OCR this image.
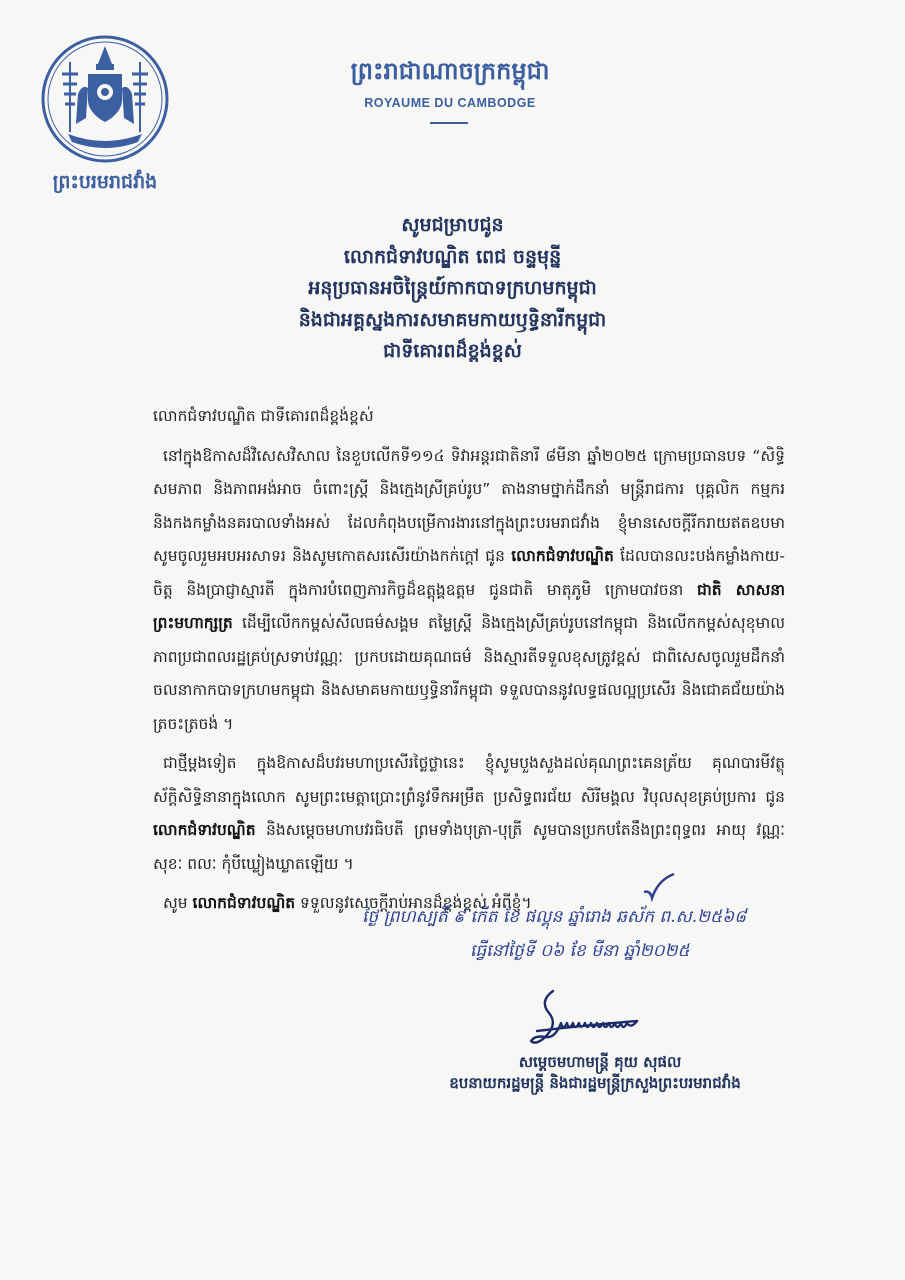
ព្រះបរមរាជវាំង
ព្រះរាជាណាចក្រកម្ពុជា
ROYAUME DU CAMBODGE
សូមជម្រាបជូន
លោកជំទាវបណ្ឌិត ពេជ ចន្ទមុន្នី
អនុប្រធានអចិន្ត្រៃយ៍កាកបាទក្រហមកម្ពុជា
និងជាអគ្គស្នងការសមាគមកាយឫទ្ធិនារីកម្ពុជា
ជាទីគោរពដ៏ខ្ពង់ខ្ពស់

លោកជំទាវបណ្ឌិត ជាទីគោរពដ៏ខ្ពង់ខ្ពស់

នៅក្នុងឱកាសដ៏វិសេសវិសាល នៃខួបលើកទី១១៤ ទិវាអន្តរជាតិនារី ៨មីនា ឆ្នាំ២០២៥ ក្រោមប្រធានបទ “សិទ្ធិ សមភាព និងភាពអង់អាច ចំពោះស្ត្រី និងក្មេងស្រីគ្រប់រូប” តាងនាមថ្នាក់ដឹកនាំ មន្ត្រីរាជការ បុគ្គលិក កម្មករ និងកងកម្លាំងនគរបាលទាំងអស់ ដែលកំពុងបម្រើការងារនៅក្នុងព្រះបរមរាជវាំង ខ្ញុំមានសេចក្តីរីករាយឥតឧបមា សូមចូលរួមអបអរសាទរ និងសូមកោតសរសើរយ៉ាងកក់ក្តៅ ជូន លោកជំទាវបណ្ឌិត ដែលបានលះបង់កម្លាំងកាយ-ចិត្ត និងប្រាជ្ញាស្មារតី ក្នុងការបំពេញភារកិច្ចដ៏ឧត្តុង្គឧត្តម ជូនជាតិ មាតុភូមិ ក្រោមបាវចនា ជាតិ សាសនា ព្រះមហាក្សត្រ ដើម្បីលើកកម្ពស់សីលធម៌សង្គម តម្លៃស្ត្រី និងក្មេងស្រីគ្រប់រូបនៅកម្ពុជា និងលើកកម្ពស់សុខុមាលភាពប្រជាពលរដ្ឋគ្រប់ស្រទាប់វណ្ណៈ ប្រកបដោយគុណធម៌ និងស្មារតីទទួលខុសត្រូវខ្ពស់ ជាពិសេសចូលរួមដឹកនាំចលនាកាកបាទក្រហមកម្ពុជា និងសមាគមកាយឫទ្ធិនារីកម្ពុជា ទទួលបាននូវលទ្ធផលល្អប្រសើរ និងជោគជ័យយ៉ាងត្រចះត្រចង់ ។

ជាថ្មីម្តងទៀត ក្នុងឱកាសដ៏បវរមហាប្រសើរថ្លៃថ្លានេះ ខ្ញុំសូមបួងសួងដល់គុណព្រះគេនត្រ័យ គុណបារមីវត្ថុស័ក្តិសិទ្ធិនានាក្នុងលោក សូមព្រះមេត្តាប្រោះព្រំនូវទឹកអម្រឹត ប្រសិទ្ធពរជ័យ សិរីមង្គល វិបុលសុខគ្រប់ប្រការ ជូន លោកជំទាវបណ្ឌិត និងសម្តេចមហាបវរធិបតី ព្រមទាំងបុត្រា-បុត្រី សូមបានប្រកបតែនឹងព្រះពុទ្ធពរ អាយុ វណ្ណៈ សុខៈ ពលៈ កុំបីឃ្លៀងឃ្លាតឡើយ ។

សូម លោកជំទាវបណ្ឌិត ទទួលនូវសេចក្តីរាប់អានដ៏ខ្ពង់ខ្ពស់ អំពីខ្ញុំ។

ថ្ងៃ ព្រហស្បតិ៍ ៩ កើត ខែ ផល្គុន ឆ្នាំរោង ឆស័ក ព.ស.២៥៦៨
ធ្វើនៅថ្ងៃទី ០៦ ខែ មីនា ឆ្នាំ២០២៥
សម្តេចមហាមន្ត្រី គុយ សុផល
ឧបនាយករដ្ឋមន្ត្រី និងជារដ្ឋមន្ត្រីក្រសួងព្រះបរមរាជវាំង
